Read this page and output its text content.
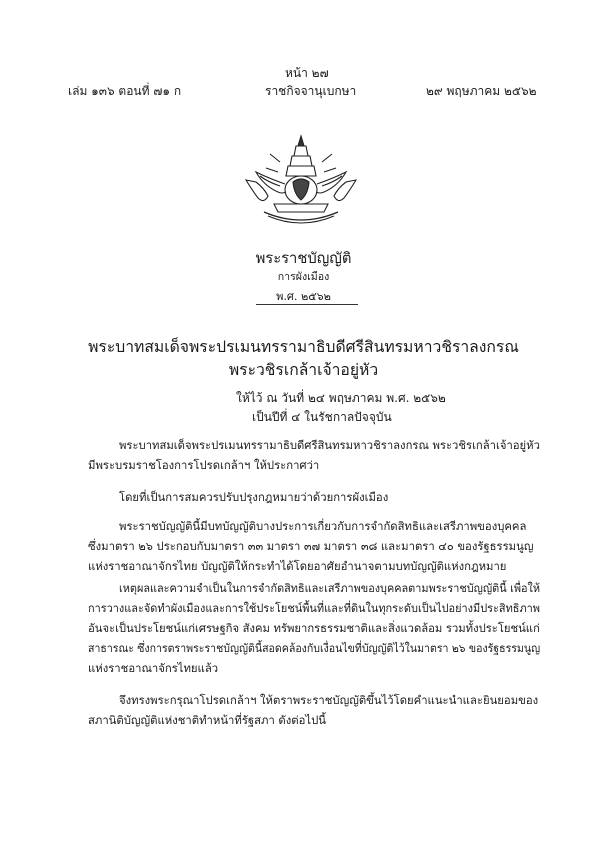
หน้า ๒๗
เล่ม ๑๓๖ ตอนที่ ๗๑ ก	ราชกิจจานุเบกษา	๒๙ พฤษภาคม ๒๕๖๒
พระราชบัญญัติ
การผังเมือง
พ.ศ. ๒๕๖๒
พระบาทสมเด็จพระปรเมนทรรามาธิบดีศรีสินทรมหาวชิราลงกรณ
พระวชิรเกล้าเจ้าอยู่หัว
ให้ไว้ ณ วันที่ ๒๔ พฤษภาคม พ.ศ. ๒๕๖๒
เป็นปีที่ ๔ ในรัชกาลปัจจุบัน
พระบาทสมเด็จพระปรเมนทรรามาธิบดีศรีสินทรมหาวชิราลงกรณ พระวชิรเกล้าเจ้าอยู่หัว
มีพระบรมราชโองการโปรดเกล้าฯ ให้ประกาศว่า
โดยที่เป็นการสมควรปรับปรุงกฎหมายว่าด้วยการผังเมือง
พระราชบัญญัตินี้มีบทบัญญัติบางประการเกี่ยวกับการจำกัดสิทธิและเสรีภาพของบุคคล
ซึ่งมาตรา ๒๖ ประกอบกับมาตรา ๓๓ มาตรา ๓๗ มาตรา ๓๘ และมาตรา ๔๐ ของรัฐธรรมนูญ
แห่งราชอาณาจักรไทย บัญญัติให้กระทำได้โดยอาศัยอำนาจตามบทบัญญัติแห่งกฎหมาย
เหตุผลและความจำเป็นในการจำกัดสิทธิและเสรีภาพของบุคคลตามพระราชบัญญัตินี้ เพื่อให้
การวางและจัดทำผังเมืองและการใช้ประโยชน์พื้นที่และที่ดินในทุกระดับเป็นไปอย่างมีประสิทธิภาพ
อันจะเป็นประโยชน์แก่เศรษฐกิจ สังคม ทรัพยากรธรรมชาติและสิ่งแวดล้อม รวมทั้งประโยชน์แก่
สาธารณะ ซึ่งการตราพระราชบัญญัตินี้สอดคล้องกับเงื่อนไขที่บัญญัติไว้ในมาตรา ๒๖ ของรัฐธรรมนูญ
แห่งราชอาณาจักรไทยแล้ว
จึงทรงพระกรุณาโปรดเกล้าฯ ให้ตราพระราชบัญญัติขึ้นไว้โดยคำแนะนำและยินยอมของ
สภานิติบัญญัติแห่งชาติทำหน้าที่รัฐสภา ดังต่อไปนี้
